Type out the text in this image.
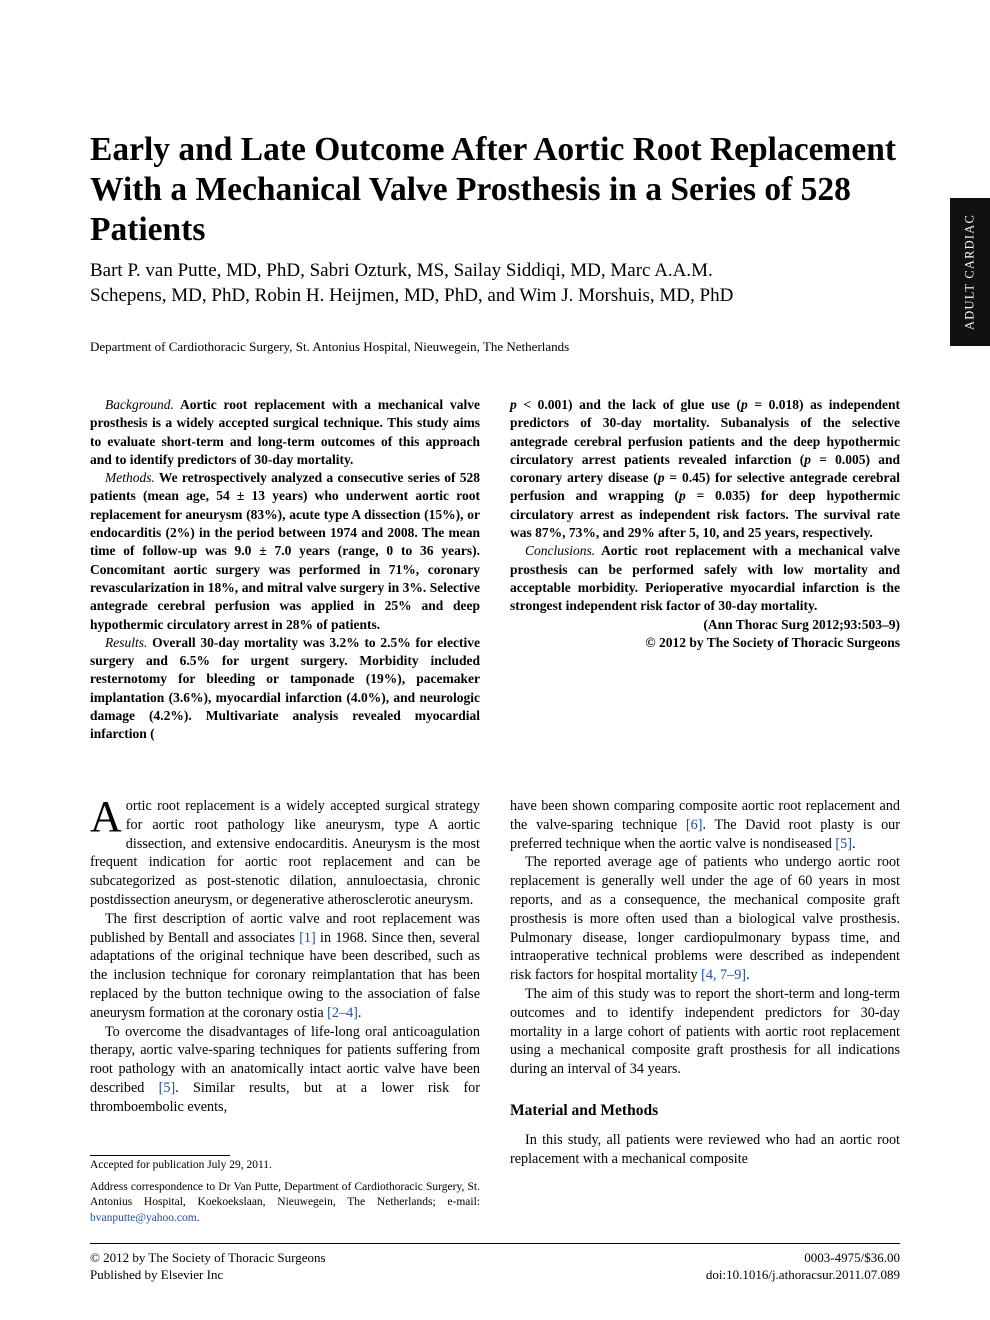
ADULT CARDIAC
Early and Late Outcome After Aortic Root Replacement With a Mechanical Valve Prosthesis in a Series of 528 Patients

Bart P. van Putte, MD, PhD, Sabri Ozturk, MS, Sailay Siddiqi, MD, Marc A.A.M. Schepens, MD, PhD, Robin H. Heijmen, MD, PhD, and Wim J. Morshuis, MD, PhD

Department of Cardiothoracic Surgery, St. Antonius Hospital, Nieuwegein, The Netherlands

Background. Aortic root replacement with a mechanical valve prosthesis is a widely accepted surgical technique. This study aims to evaluate short-term and long-term outcomes of this approach and to identify predictors of 30-day mortality.

Methods. We retrospectively analyzed a consecutive series of 528 patients (mean age, 54 ± 13 years) who underwent aortic root replacement for aneurysm (83%), acute type A dissection (15%), or endocarditis (2%) in the period between 1974 and 2008. The mean time of follow-up was 9.0 ± 7.0 years (range, 0 to 36 years). Concomitant aortic surgery was performed in 71%, coronary revascularization in 18%, and mitral valve surgery in 3%. Selective antegrade cerebral perfusion was applied in 25% and deep hypothermic circulatory arrest in 28% of patients.

Results. Overall 30-day mortality was 3.2% to 2.5% for elective surgery and 6.5% for urgent surgery. Morbidity included resternotomy for bleeding or tamponade (19%), pacemaker implantation (3.6%), myocardial infarction (4.0%), and neurologic damage (4.2%). Multivariate analysis revealed myocardial infarction (

p < 0.001) and the lack of glue use (p = 0.018) as independent predictors of 30-day mortality. Subanalysis of the selective antegrade cerebral perfusion patients and the deep hypothermic circulatory arrest patients revealed infarction (p = 0.005) and coronary artery disease (p = 0.45) for selective antegrade cerebral perfusion and wrapping (p = 0.035) for deep hypothermic circulatory arrest as independent risk factors. The survival rate was 87%, 73%, and 29% after 5, 10, and 25 years, respectively.

Conclusions. Aortic root replacement with a mechanical valve prosthesis can be performed safely with low mortality and acceptable morbidity. Perioperative myocardial infarction is the strongest independent risk factor of 30-day mortality.

(Ann Thorac Surg 2012;93:503–9)

© 2012 by The Society of Thoracic Surgeons

Aortic root replacement is a widely accepted surgical strategy for aortic root pathology like aneurysm, type A aortic dissection, and extensive endocarditis. Aneurysm is the most frequent indication for aortic root replacement and can be subcategorized as post-stenotic dilation, annuloectasia, chronic postdissection aneurysm, or degenerative atherosclerotic aneurysm.

The first description of aortic valve and root replacement was published by Bentall and associates [1] in 1968. Since then, several adaptations of the original technique have been described, such as the inclusion technique for coronary reimplantation that has been replaced by the button technique owing to the association of false aneurysm formation at the coronary ostia [2–4].

To overcome the disadvantages of life-long oral anticoagulation therapy, aortic valve-sparing techniques for patients suffering from root pathology with an anatomically intact aortic valve have been described [5]. Similar results, but at a lower risk for thromboembolic events,

have been shown comparing composite aortic root replacement and the valve-sparing technique [6]. The David root plasty is our preferred technique when the aortic valve is nondiseased [5].

The reported average age of patients who undergo aortic root replacement is generally well under the age of 60 years in most reports, and as a consequence, the mechanical composite graft prosthesis is more often used than a biological valve prosthesis. Pulmonary disease, longer cardiopulmonary bypass time, and intraoperative technical problems were described as independent risk factors for hospital mortality [4, 7–9].

The aim of this study was to report the short-term and long-term outcomes and to identify independent predictors for 30-day mortality in a large cohort of patients with aortic root replacement using a mechanical composite graft prosthesis for all indications during an interval of 34 years.

Material and Methods

In this study, all patients were reviewed who had an aortic root replacement with a mechanical composite

Accepted for publication July 29, 2011.

Address correspondence to Dr Van Putte, Department of Cardiothoracic Surgery, St. Antonius Hospital, Koekoekslaan, Nieuwegein, The Netherlands; e-mail: bvanputte@yahoo.com.

© 2012 by The Society of Thoracic Surgeons
Published by Elsevier Inc
0003-4975/$36.00
doi:10.1016/j.athoracsur.2011.07.089
